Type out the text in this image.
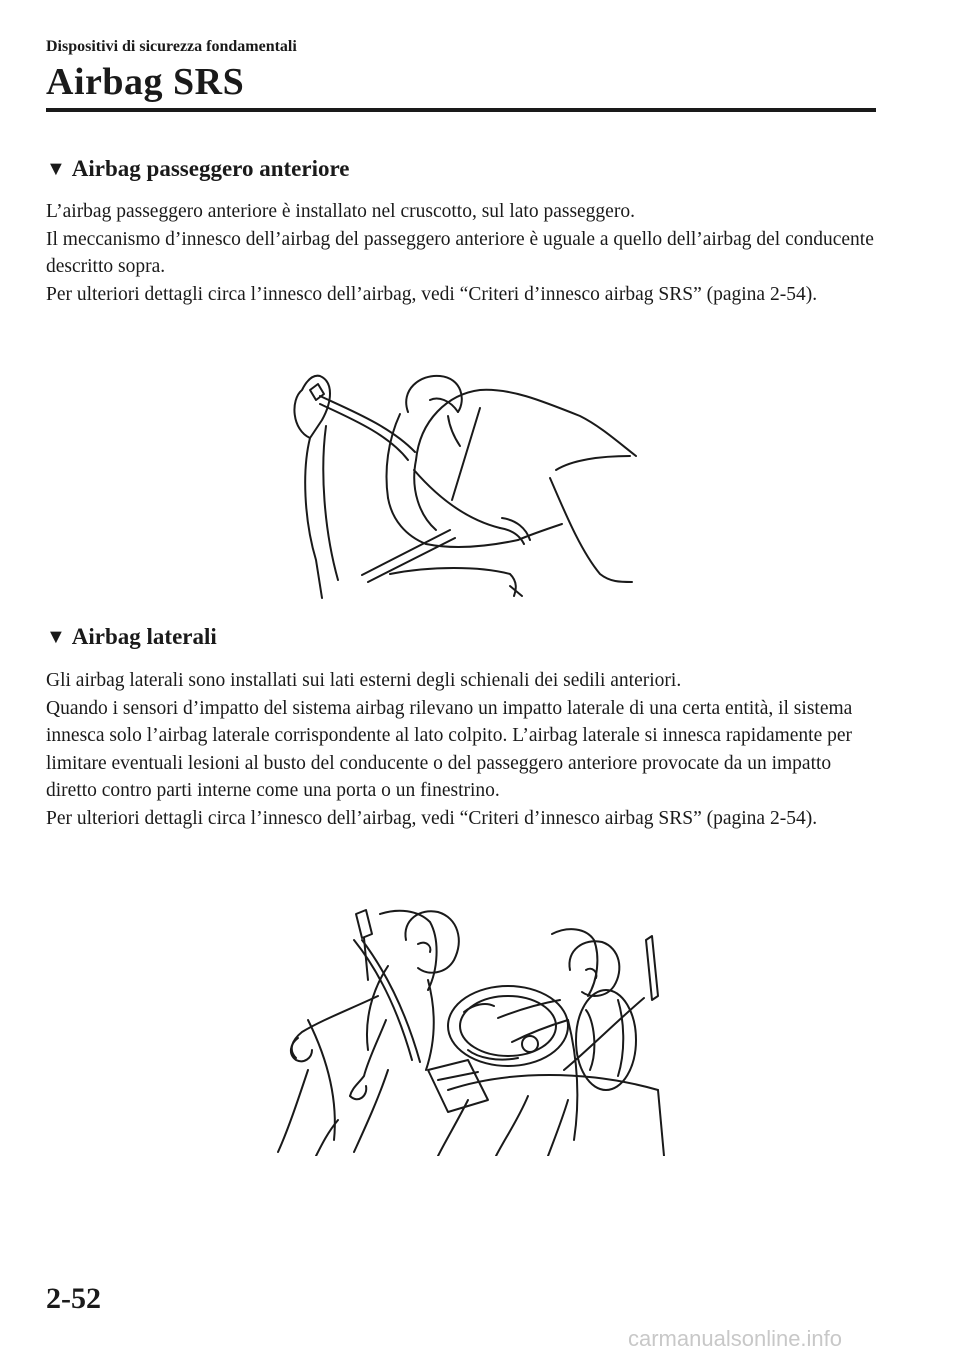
Dispositivi di sicurezza fondamentali
Airbag SRS
▼ Airbag passeggero anteriore

L’airbag passeggero anteriore è installato nel cruscotto, sul lato passeggero.

Il meccanismo d’innesco dell’airbag del passeggero anteriore è uguale a quello dell’airbag del conducente descritto sopra.

Per ulteriori dettagli circa l’innesco dell’airbag, vedi “Criteri d’innesco airbag SRS” (pagina 2-54).

▼ Airbag laterali

Gli airbag laterali sono installati sui lati esterni degli schienali dei sedili anteriori.

Quando i sensori d’impatto del sistema airbag rilevano un impatto laterale di una certa entità, il sistema innesca solo l’airbag laterale corrispondente al lato colpito. L’airbag laterale si innesca rapidamente per limitare eventuali lesioni al busto del conducente o del passeggero anteriore provocate da un impatto diretto contro parti interne come una porta o un finestrino.

Per ulteriori dettagli circa l’innesco dell’airbag, vedi “Criteri d’innesco airbag SRS” (pagina 2-54).

2-52
carmanualsonline.info
